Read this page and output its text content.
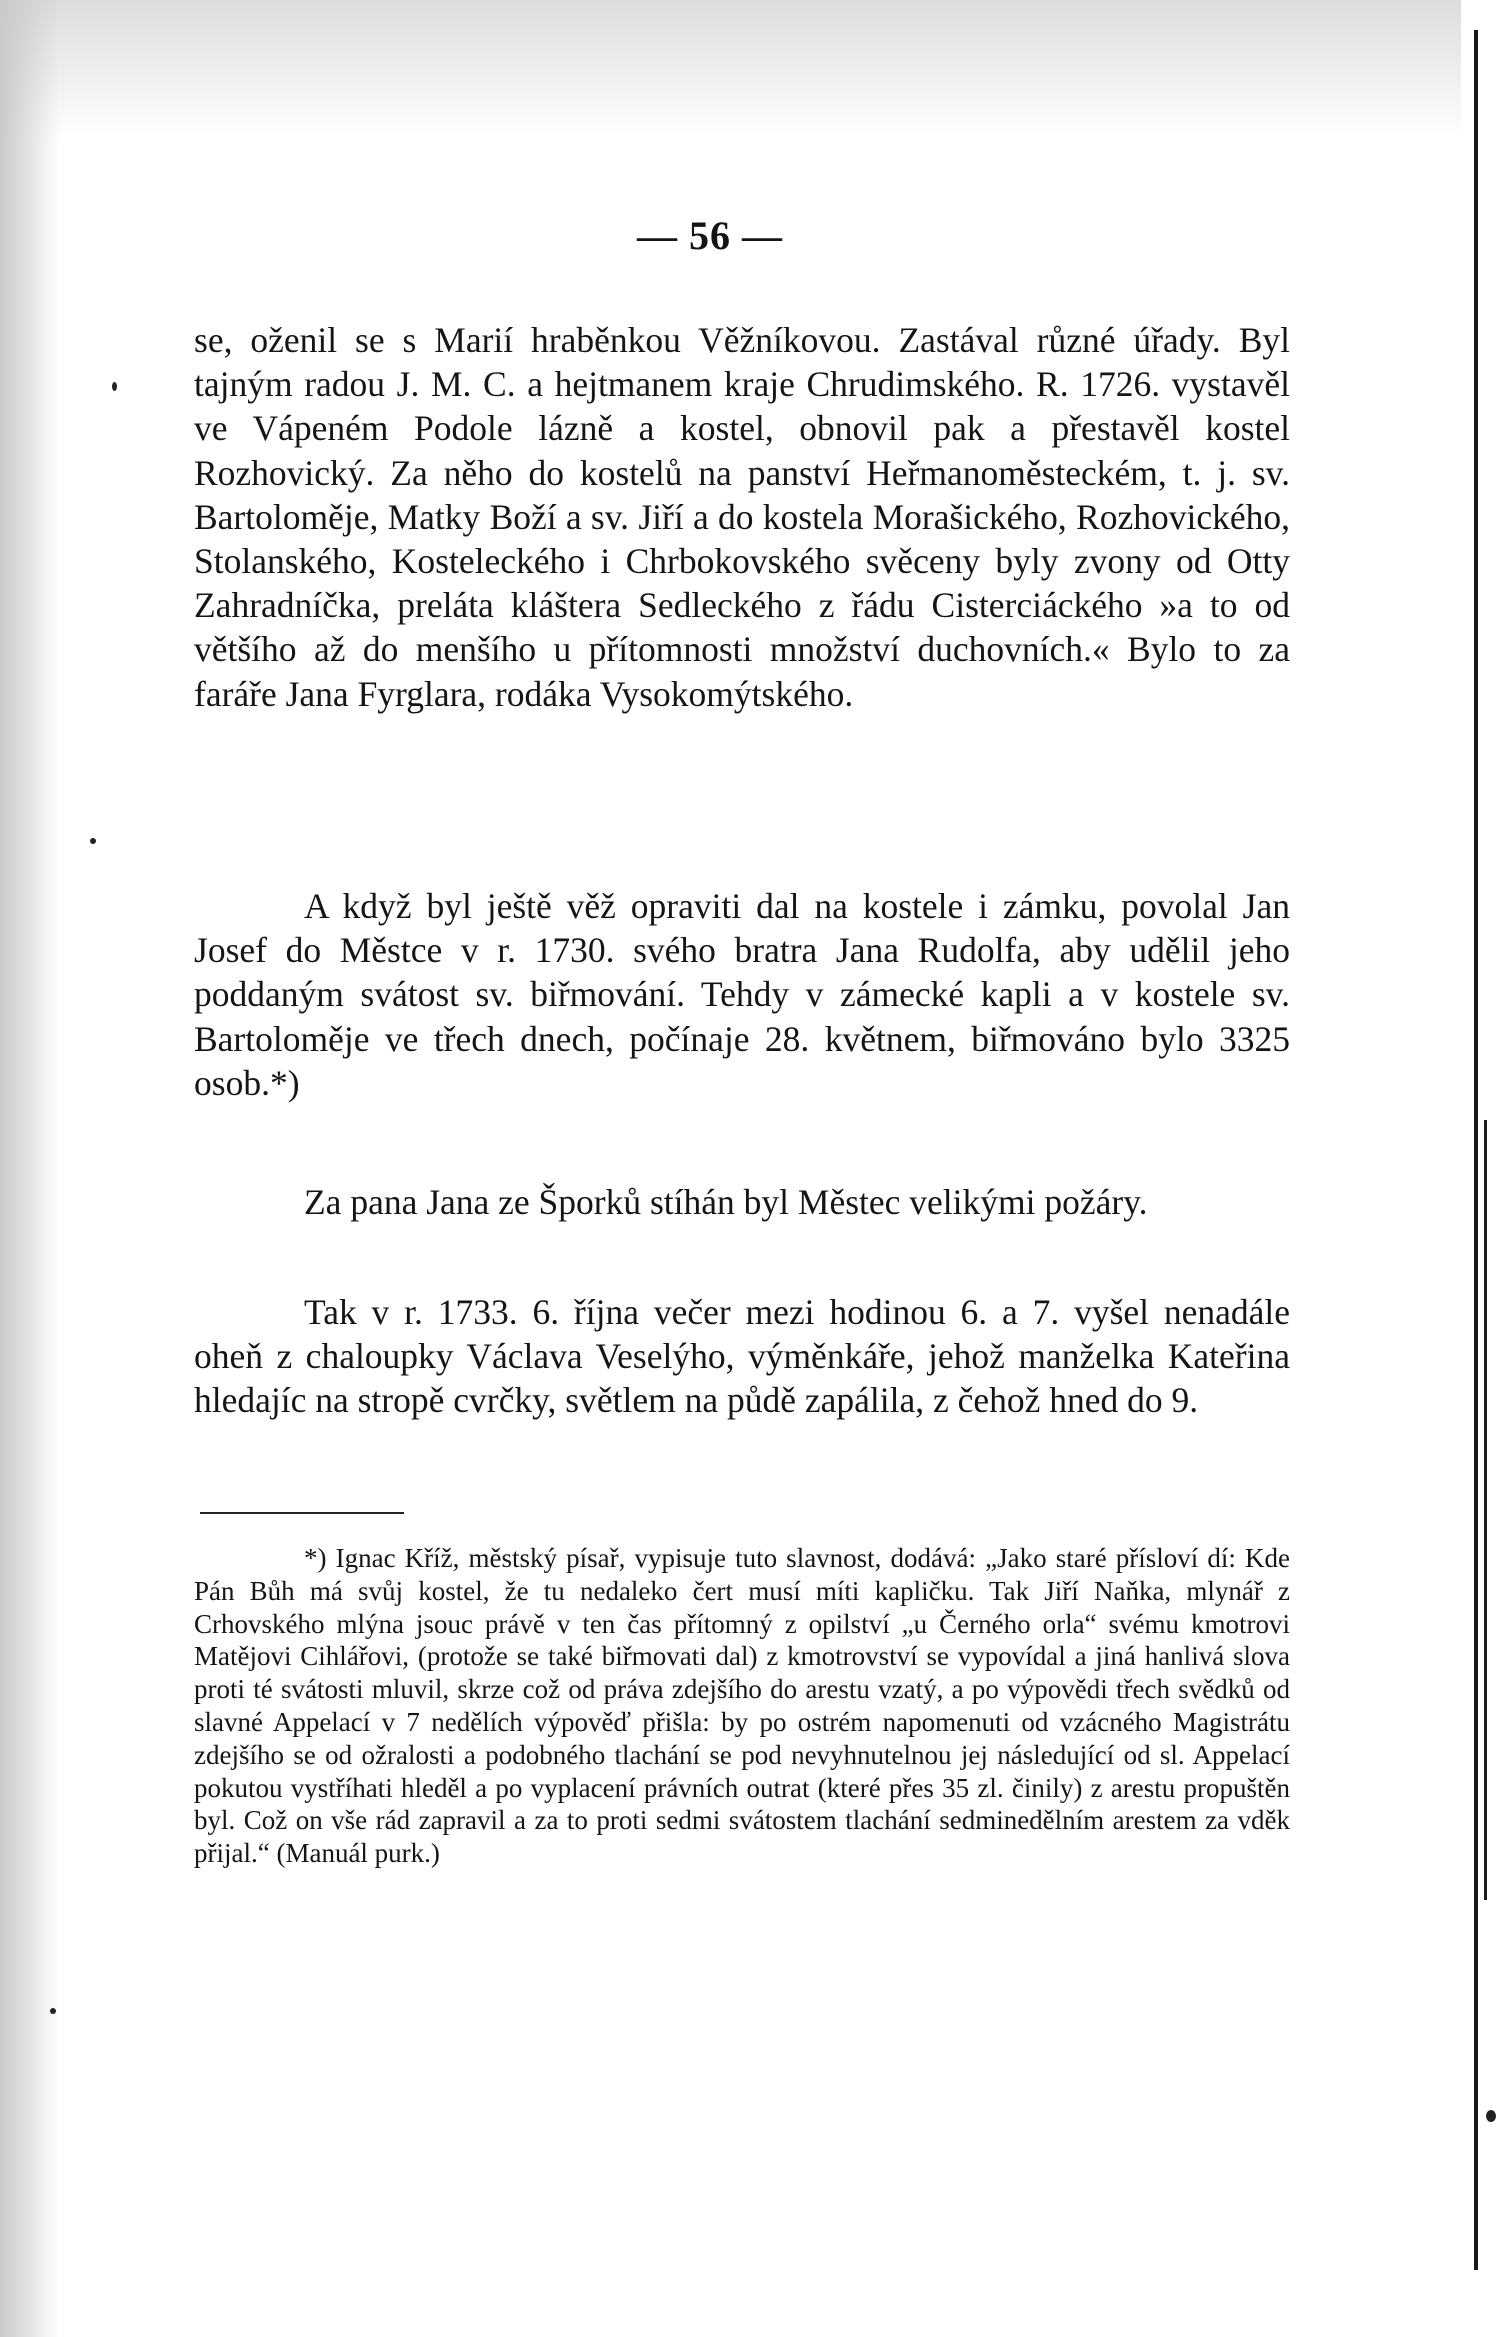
— 56 —

se, oženil se s Marií hraběnkou Věžníkovou. Zastával různé úřady. Byl tajným radou J. M. C. a hejtmanem kraje Chrudimského. R. 1726. vystavěl ve Vápeném Podole lázně a kostel, obnovil pak a přestavěl kostel Rozhovický. Za něho do kostelů na panství Heřmanoměsteckém, t. j. sv. Bartoloměje, Matky Boží a sv. Jiří a do kostela Morašického, Rozhovického, Stolanského, Kosteleckého i Chrbokovského svěceny byly zvony od Otty Zahradníčka, preláta kláštera Sedleckého z řádu Cisterciáckého »a to od většího až do menšího u přítomnosti množství duchovních.« Bylo to za faráře Jana Fyrglara, rodáka Vysokomýtského.

A když byl ještě věž opraviti dal na kostele i zámku, povolal Jan Josef do Městce v r. 1730. svého bratra Jana Rudolfa, aby udělil jeho poddaným svátost sv. biřmování. Tehdy v zámecké kapli a v kostele sv. Bartoloměje ve třech dnech, počínaje 28. květnem, biřmováno bylo 3325 osob.*)

Za pana Jana ze Šporků stíhán byl Městec velikými požáry.

Tak v r. 1733. 6. října večer mezi hodinou 6. a 7. vyšel nenadále oheň z chaloupky Václava Veselýho, výměnkáře, jehož manželka Kateřina hledajíc na stropě cvrčky, světlem na půdě zapálila, z čehož hned do 9.

*) Ignac Kříž, městský písař, vypisuje tuto slavnost, dodává: „Jako staré přísloví dí: Kde Pán Bůh má svůj kostel, že tu nedaleko čert musí míti kapličku. Tak Jiří Naňka, mlynář z Crhovského mlýna jsouc právě v ten čas přítomný z opilství „u Černého orla“ svému kmotrovi Matějovi Cihlářovi, (protože se také biřmovati dal) z kmotrovství se vypovídal a jiná hanlivá slova proti té svátosti mluvil, skrze což od práva zdejšího do arestu vzatý, a po výpovědi třech svědků od slavné Appelací v 7 nedělích výpověď přišla: by po ostrém napomenuti od vzácného Magistrátu zdejšího se od ožralosti a podobného tlachání se pod nevyhnutelnou jej následující od sl. Appelací pokutou vystříhati hleděl a po vyplacení právních outrat (které přes 35 zl. činily) z arestu propuštěn byl. Což on vše rád zapravil a za to proti sedmi svátostem tlachání sedminedělním arestem za vděk přijal.“ (Manuál purk.)
